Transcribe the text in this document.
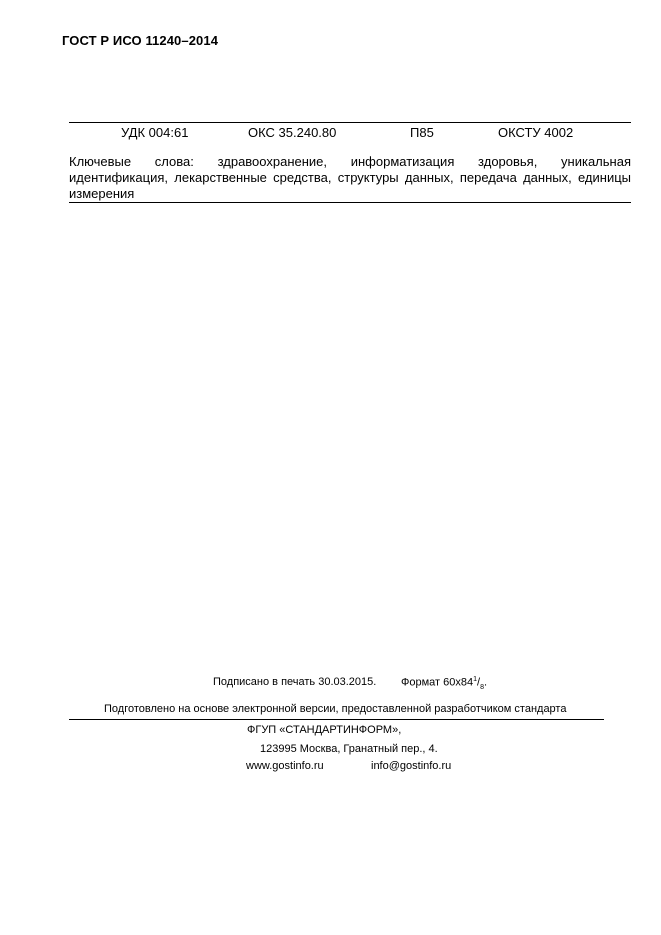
ГОСТ Р ИСО 11240–2014
УДК 004:61	ОКС 35.240.80	П85	ОКСТУ 4002
Ключевые слова: здравоохранение, информатизация здоровья, уникальная идентификация, лекарственные средства, структуры данных, передача данных, единицы измерения
Подписано в печать 30.03.2015. Формат $60x84^1/_8$.
Подготовлено на основе электронной версии, предоставленной разработчиком стандарта
ФГУП «СТАНДАРТИНФОРМ»,
123995 Москва, Гранатный пер., 4.
www.gostinfo.ru	info@gostinfo.ru
